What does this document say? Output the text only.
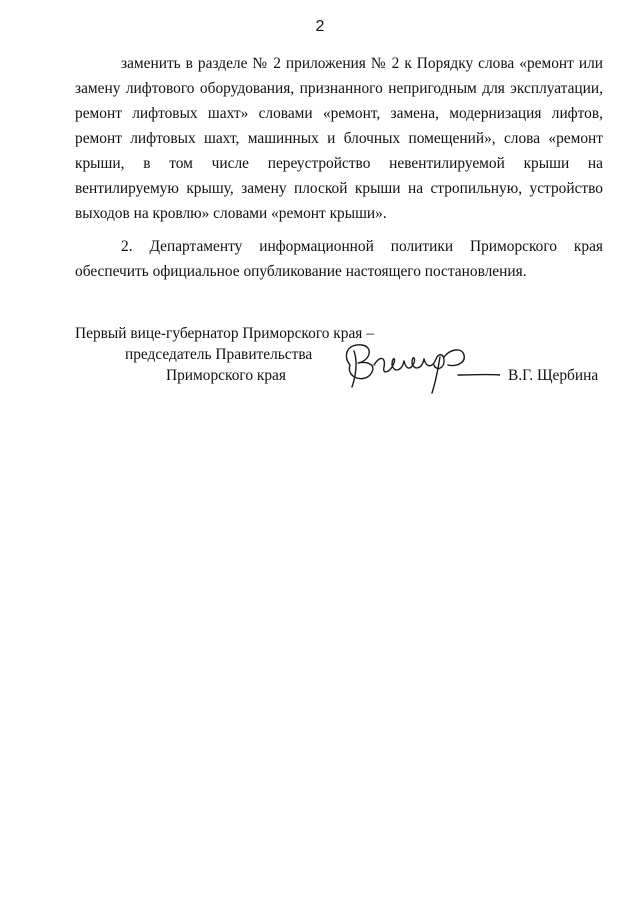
2

заменить в разделе № 2 приложения № 2 к Порядку слова «ремонт или замену лифтового оборудования, признанного непригодным для эксплуатации, ремонт лифтовых шахт» словами «ремонт, замена, модернизация лифтов, ремонт лифтовых шахт, машинных и блочных помещений», слова «ремонт крыши, в том числе переустройство невентилируемой крыши на вентилируемую крышу, замену плоской крыши на стропильную, устройство выходов на кровлю» словами «ремонт крыши».

2. Департаменту информационной политики Приморского края обеспечить официальное опубликование настоящего постановления.

Первый вице-губернатор Приморского края –
председатель Правительства
Приморского края	В.Г. Щербина
